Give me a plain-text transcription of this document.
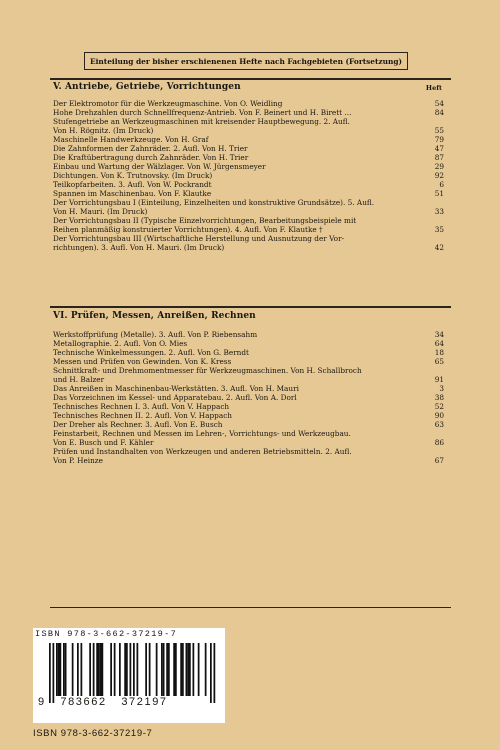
Einteilung der bisher erschienenen Hefte nach Fachgebieten (Fortsetzung)
V. Antriebe, Getriebe, Vorrichtungen	Heft
Der Elektromotor für die Werkzeugmaschine. Von O. Weidling	54
Hohe Drehzahlen durch Schnellfrequenz-Antrieb. Von F. Beinert und H. Birett ...	84
Stufengetriebe an Werkzeugmaschinen mit kreisender Hauptbewegung. 2. Aufl.
Von H. Rögnitz. (Im Druck)	55
Maschinelle Handwerkzeuge. Von H. Graf	79
Die Zahnformen der Zahnräder. 2. Aufl. Von H. Trier	47
Die Kraftübertragung durch Zahnräder. Von H. Trier	87
Einbau und Wartung der Wälzlager. Von W. Jürgensmeyer	29
Dichtungen. Von K. Trutnovsky. (Im Druck)	92
Teilkopfarbeiten. 3. Aufl. Von W. Pockrandt	6
Spannen im Maschinenbau. Von F. Klautke	51
Der Vorrichtungsbau I (Einteilung, Einzelheiten und konstruktive Grundsätze). 5. Aufl.
Von H. Mauri. (Im Druck)	33
Der Vorrichtungsbau II (Typische Einzelvorrichtungen, Bearbeitungsbeispiele mit
Reihen planmäßig konstruierter Vorrichtungen). 4. Aufl. Von F. Klautke †	35
Der Vorrichtungsbau III (Wirtschaftliche Herstellung und Ausnutzung der Vor-
richtungen). 3. Aufl. Von H. Mauri. (Im Druck)	42
VI. Prüfen, Messen, Anreißen, Rechnen
Werkstoffprüfung (Metalle). 3. Aufl. Von P. Riebensahm	34
Metallographie. 2. Aufl. Von O. Mies	64
Technische Winkelmessungen. 2. Aufl. Von G. Berndt	18
Messen und Prüfen von Gewinden. Von K. Kress	65
Schnittkraft- und Drehmomentmesser für Werkzeugmaschinen. Von H. Schallbroch
und H. Balzer	91
Das Anreißen in Maschinenbau-Werkstätten. 3. Aufl. Von H. Mauri	3
Das Vorzeichnen im Kessel- und Apparatebau. 2. Aufl. Von A. Dorl	38
Technisches Rechnen I. 3. Aufl. Von V. Happach	52
Technisches Rechnen II. 2. Aufl. Von V. Happach	90
Der Dreher als Rechner. 3. Aufl. Von E. Busch	63
Feinstarbeit, Rechnen und Messen im Lehren-, Vorrichtungs- und Werkzeugbau.
Von E. Busch und F. Kähler	86
Prüfen und Instandhalten von Werkzeugen und anderen Betriebsmitteln. 2. Aufl.
Von P. Heinze	67
ISBN 978-3-662-37219-7
9 783662 372197
ISBN 978-3-662-37219-7
